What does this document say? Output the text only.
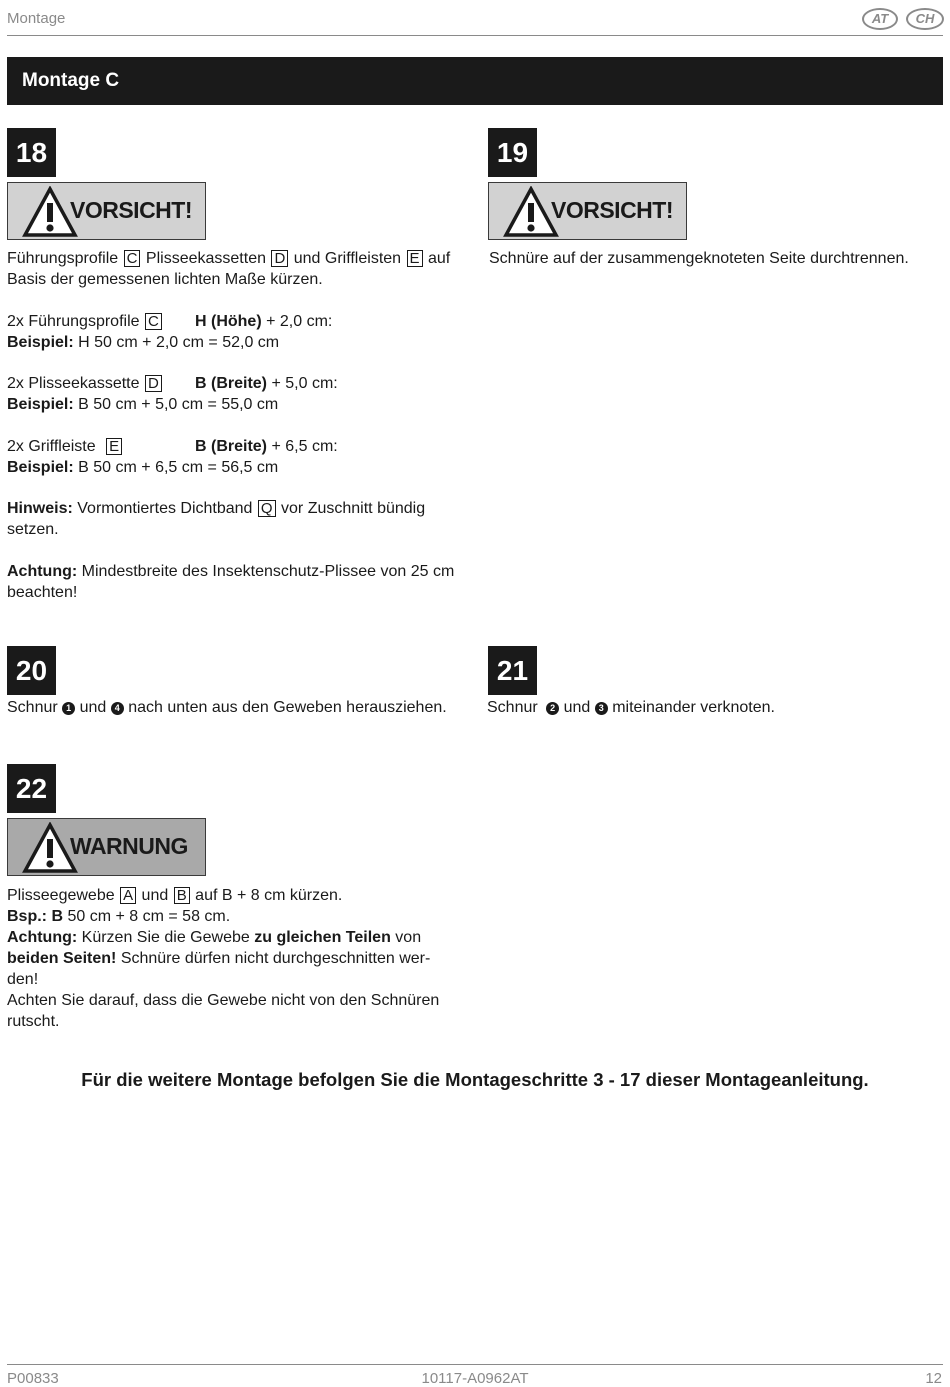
Montage	AT	CH
Montage C
18
VORSICHT!
Führungsprofile C Plisseekassetten D und Griffleisten E auf
Basis der gemessenen lichten Maße kürzen.
2x Führungsprofile C H (Höhe) + 2,0 cm:
Beispiel: H 50 cm + 2,0 cm = 52,0 cm
2x Plisseekassette D B (Breite) + 5,0 cm:
Beispiel: B 50 cm + 5,0 cm = 55,0 cm
2x Griffleiste E	B (Breite) + 6,5 cm:
Beispiel: B 50 cm + 6,5 cm = 56,5 cm
Hinweis: Vormontiertes Dichtband Q vor Zuschnitt bündig
setzen.
Achtung: Mindestbreite des Insektenschutz-Plissee von 25 cm
beachten!
19
VORSICHT!
Schnüre auf der zusammengeknoteten Seite durchtrennen.
20
Schnur 1 und 4 nach unten aus den Geweben herausziehen.
21
Schnur 2 und 3 miteinander verknoten.
22
WARNUNG
Plisseegewebe A und B auf B + 8 cm kürzen.
Bsp.: B 50 cm + 8 cm = 58 cm.
Achtung: Kürzen Sie die Gewebe zu gleichen Teilen von
beiden Seiten! Schnüre dürfen nicht durchgeschnitten wer-
den!
Achten Sie darauf, dass die Gewebe nicht von den Schnüren
rutscht.
Für die weitere Montage befolgen Sie die Montageschritte 3 - 17 dieser Montageanleitung.
P00833	10117-A0962AT	12
